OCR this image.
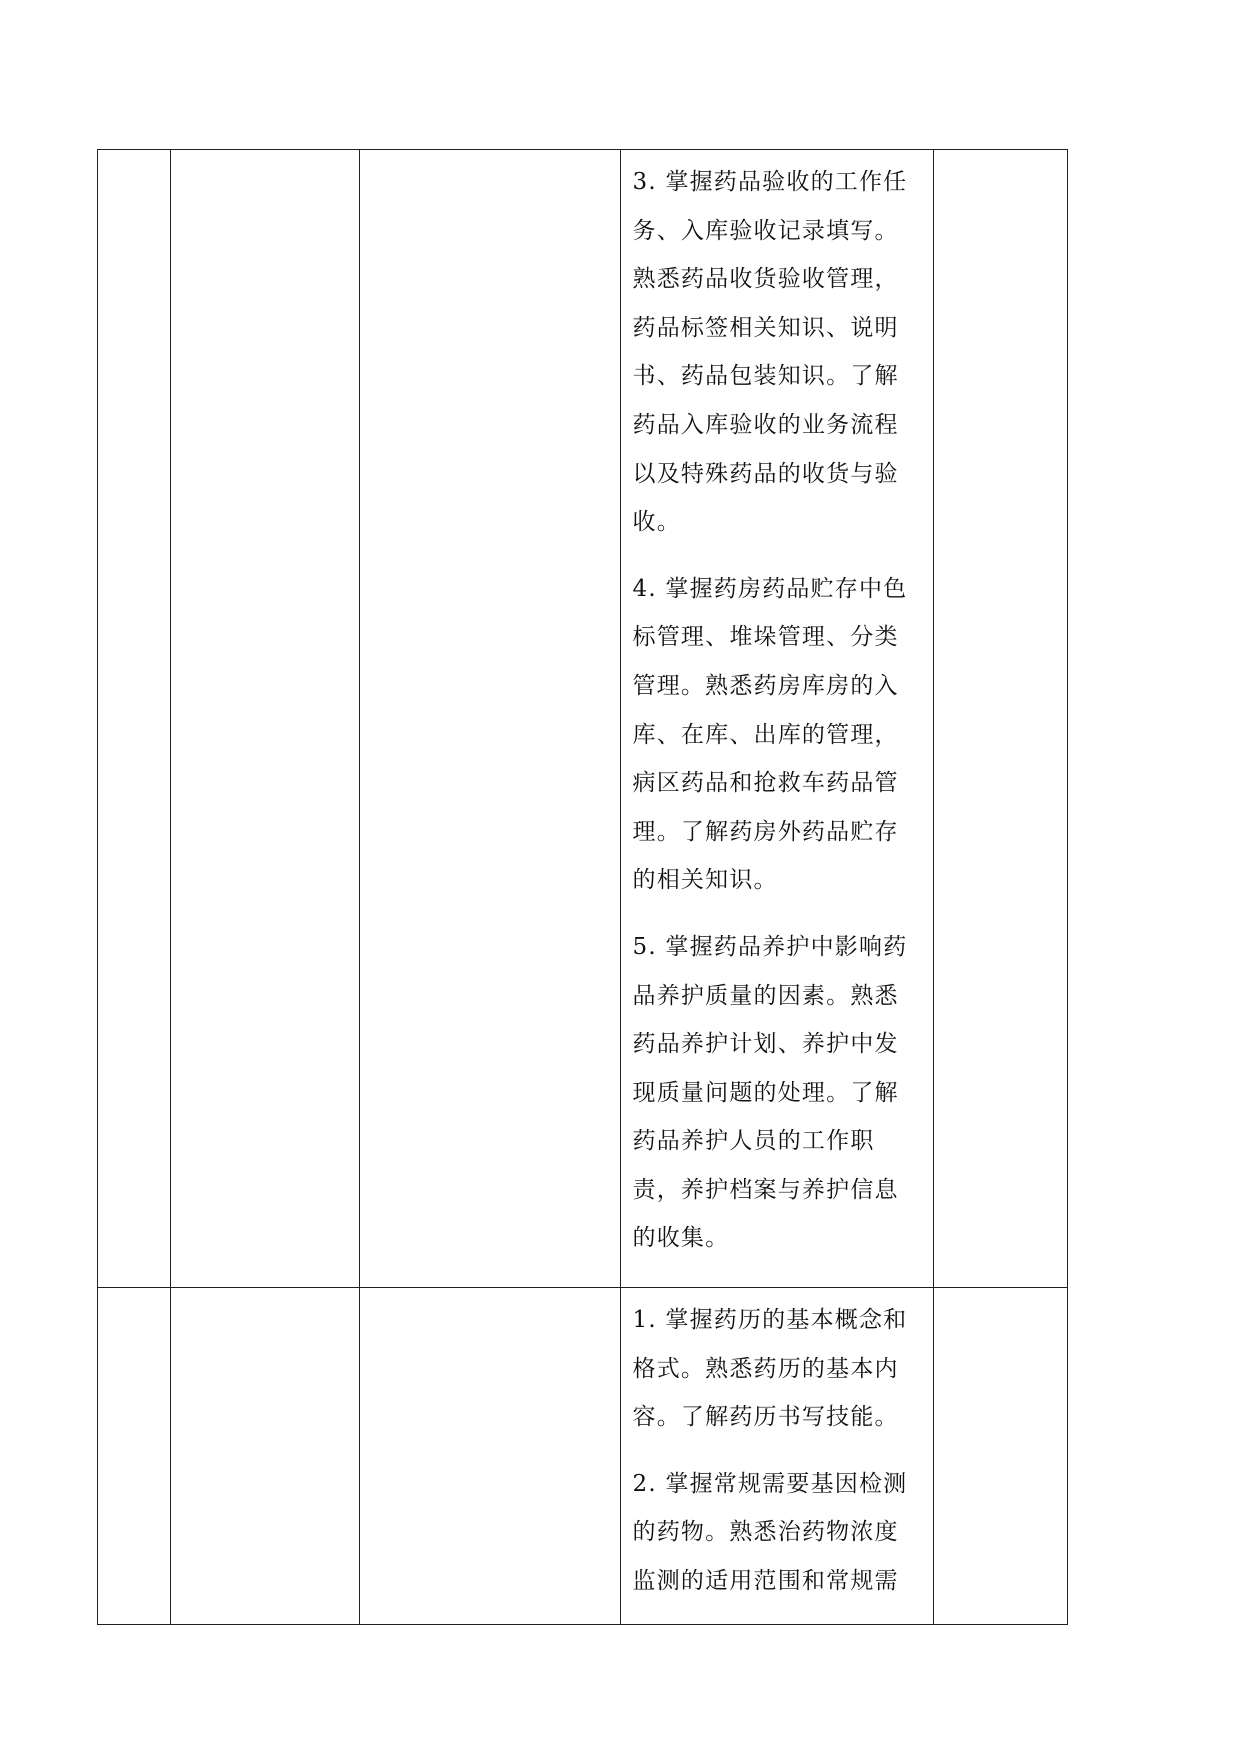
			3. 掌握药品验收的工作任务、入库验收记录填写。熟悉药品收货验收管理，药品标签相关知识、说明书、药品包装知识。了解药品入库验收的业务流程以及特殊药品的收货与验收。

4. 掌握药房药品贮存中色标管理、堆垛管理、分类管理。熟悉药房库房的入库、在库、出库的管理，病区药品和抢救车药品管理。了解药房外药品贮存的相关知识。

5. 掌握药品养护中影响药品养护质量的因素。熟悉药品养护计划、养护中发现质量问题的处理。了解药品养护人员的工作职责，养护档案与养护信息的收集。	

			1. 掌握药历的基本概念和格式。熟悉药历的基本内容。了解药历书写技能。

2. 掌握常规需要基因检测的药物。熟悉治药物浓度监测的适用范围和常规需	
